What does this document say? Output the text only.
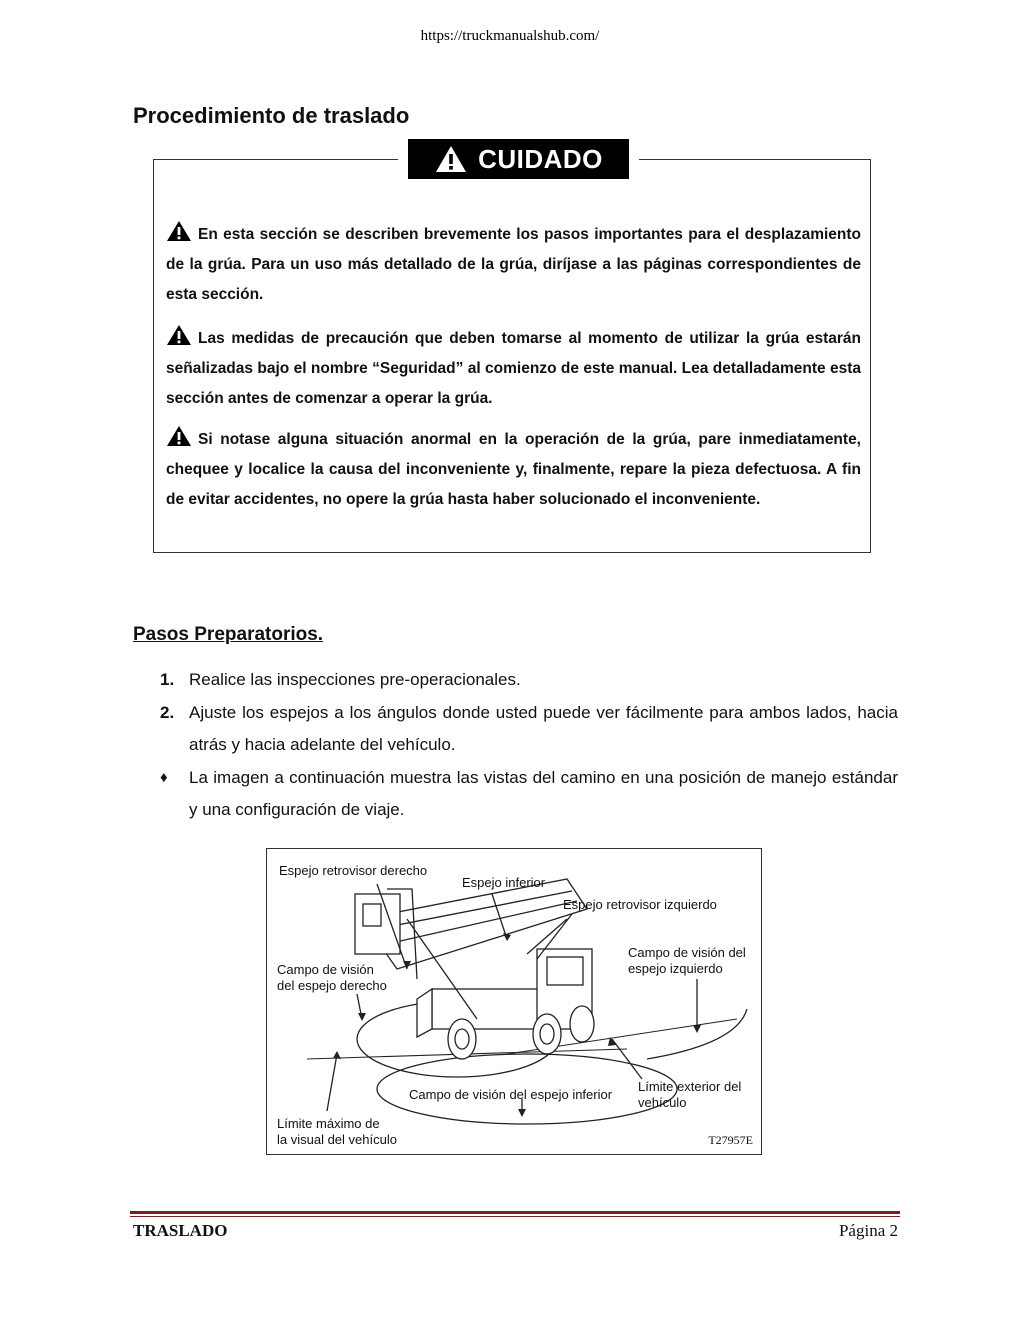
https://truckmanualshub.com/
Procedimiento de traslado
CUIDADO

En esta sección se describen brevemente los pasos importantes para el desplazamiento de la grúa. Para un uso más detallado de la grúa, diríjase a las páginas correspondientes de esta sección.

Las medidas de precaución que deben tomarse al momento de utilizar la grúa estarán señalizadas bajo el nombre “Seguridad” al comienzo de este manual. Lea detalladamente esta sección antes de comenzar a operar la grúa.

Si notase alguna situación anormal en la operación de la grúa, pare inmediatamente, chequee y localice la causa del inconveniente y, finalmente, repare la pieza defectuosa. A fin de evitar accidentes, no opere la grúa hasta haber solucionado el inconveniente.

Pasos Preparatorios.
1. Realice las inspecciones pre-operacionales.
2. Ajuste los espejos a los ángulos donde usted puede ver fácilmente para ambos lados, hacia atrás y hacia adelante del vehículo.
♦ La imagen a continuación muestra las vistas del camino en una posición de manejo estándar y una configuración de viaje.
Espejo retrovisor derecho
Espejo inferior
Espejo retrovisor izquierdo
Campo de visión
del espejo derecho
Campo de visión del
espejo izquierdo
Campo de visión del espejo inferior
Límite exterior del
vehículo
Límite máximo de
la visual del vehículo	T27957E
TRASLADO	Página 2
